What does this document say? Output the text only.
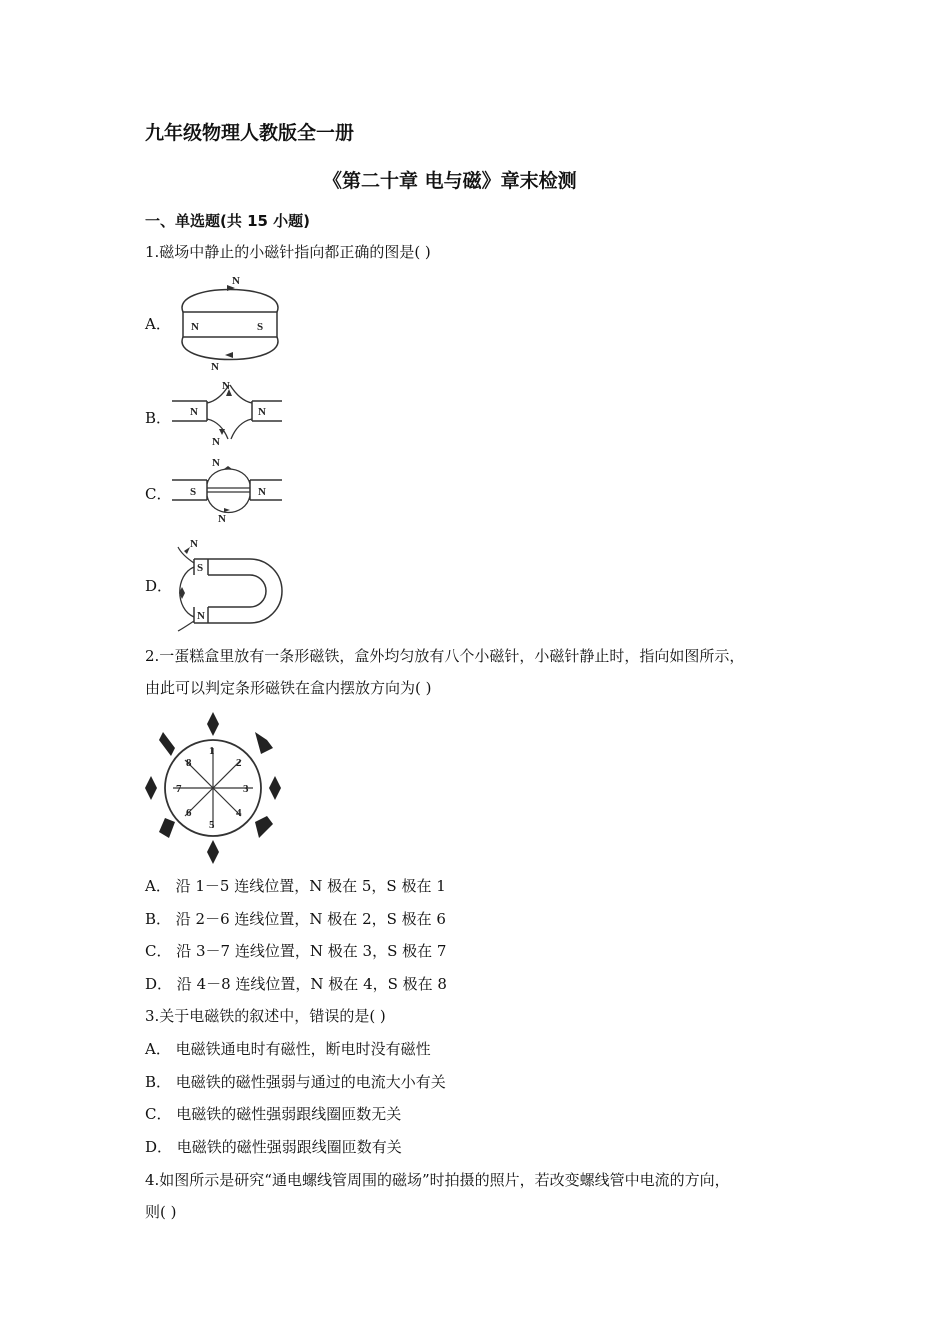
九年级物理人教版全一册
《第二十章 电与磁》章末检测
一、单选题(共 15 小题)
1.磁场中静止的小磁针指向都正确的图是( )
A． N	S
N
N
B． N	N
N
N
C． S	N
N
N
D．
S
N
N
2.一蛋糕盒里放有一条形磁铁，盒外均匀放有八个小磁针，小磁针静止时，指向如图所示，
由此可以判定条形磁铁在盒内摆放方向为( )
1
2
3
4
5
6
7
8
A． 沿 1－5 连线位置，N 极在 5，S 极在 1
B． 沿 2－6 连线位置，N 极在 2，S 极在 6
C． 沿 3－7 连线位置，N 极在 3，S 极在 7
D． 沿 4－8 连线位置，N 极在 4，S 极在 8
3.关于电磁铁的叙述中，错误的是( )
A． 电磁铁通电时有磁性，断电时没有磁性
B． 电磁铁的磁性强弱与通过的电流大小有关
C． 电磁铁的磁性强弱跟线圈匝数无关
D． 电磁铁的磁性强弱跟线圈匝数有关
4.如图所示是研究“通电螺线管周围的磁场”时拍摄的照片，若改变螺线管中电流的方向，
则( )
